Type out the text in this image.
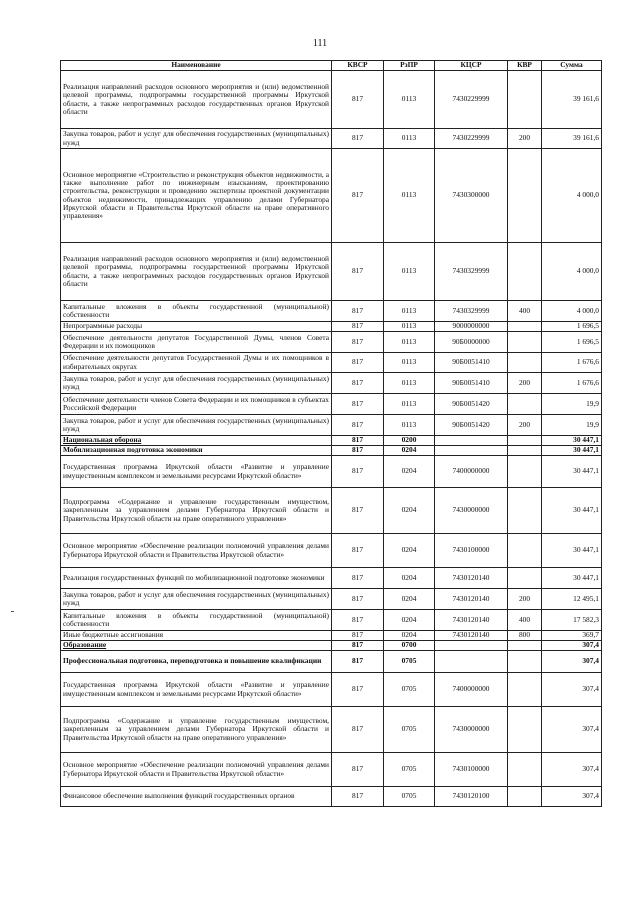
111
Наименование	КВСР	РзПР	КЦСР	КВР	Сумма
Реализация направлений расходов основного мероприятия и (или) ведомственной целевой программы, подпрограммы государственной программы Иркутской области, а также непрограммных расходов государственных органов Иркутской области	817	0113	7430229999		39 161,6
Закупка товаров, работ и услуг для обеспечения государственных (муниципальных) нужд	817	0113	7430229999	200	39 161,6
Основное мероприятие «Строительство и реконструкция объектов недвижимости, а также выполнение работ по инженерным изысканиям, проектированию строительства, реконструкции и проведению экспертизы проектной документации объектов недвижимости, принадлежащих управлению делами Губернатора Иркутской области и Правительства Иркутской области на праве оперативного управления»	817	0113	7430300000		4 000,0
Реализация направлений расходов основного мероприятия и (или) ведомственной целевой программы, подпрограммы государственной программы Иркутской области, а также непрограммных расходов государственных органов Иркутской области	817	0113	7430329999		4 000,0
Капитальные вложения в объекты государственной (муниципальной) собственности	817	0113	7430329999	400	4 000,0
Непрограммные расходы	817	0113	9000000000		1 696,5
Обеспечение деятельности депутатов Государственной Думы, членов Совета Федерации и их помощников	817	0113	90Б0000000		1 696,5
Обеспечение деятельности депутатов Государственной Думы и их помощников в избирательных округах	817	0113	90Б0051410		1 676,6
Закупка товаров, работ и услуг для обеспечения государственных (муниципальных) нужд	817	0113	90Б0051410	200	1 676,6
Обеспечение деятельности членов Совета Федерации и их помощников в субъектах Российской Федерации	817	0113	90Б0051420		19,9
Закупка товаров, работ и услуг для обеспечения государственных (муниципальных) нужд	817	0113	90Б0051420	200	19,9
Национальная оборона	817	0200			30 447,1
Мобилизационная подготовка экономики	817	0204			30 447,1
Государственная программа Иркутской области «Развитие и управление имущественным комплексом и земельными ресурсами Иркутской области»	817	0204	7400000000		30 447,1
Подпрограмма «Содержание и управление государственным имуществом, закрепленным за управлением делами Губернатора Иркутской области и Правительства Иркутской области на праве оперативного управления»	817	0204	7430000000		30 447,1
Основное мероприятие «Обеспечение реализации полномочий управления делами Губернатора Иркутской области и Правительства Иркутской области»	817	0204	7430100000		30 447,1
Реализация государственных функций по мобилизационной подготовке экономики	817	0204	7430120140		30 447,1
Закупка товаров, работ и услуг для обеспечения государственных (муниципальных) нужд	817	0204	7430120140	200	12 495,1
Капитальные вложения в объекты государственной (муниципальной) собственности	817	0204	7430120140	400	17 582,3
Иные бюджетные ассигнования	817	0204	7430120140	800	369,7
Образование	817	0700			307,4
Профессиональная подготовка, переподготовка и повышение квалификации	817	0705			307,4
Государственная программа Иркутской области «Развитие и управление имущественным комплексом и земельными ресурсами Иркутской области»	817	0705	7400000000		307,4
Подпрограмма «Содержание и управление государственным имуществом, закрепленным за управлением делами Губернатора Иркутской области и Правительства Иркутской области на праве оперативного управления»	817	0705	7430000000		307,4
Основное мероприятие «Обеспечение реализации полномочий управления делами Губернатора Иркутской области и Правительства Иркутской области»	817	0705	7430100000		307,4
Финансовое обеспечение выполнения функций государственных органов	817	0705	7430120100		307,4
